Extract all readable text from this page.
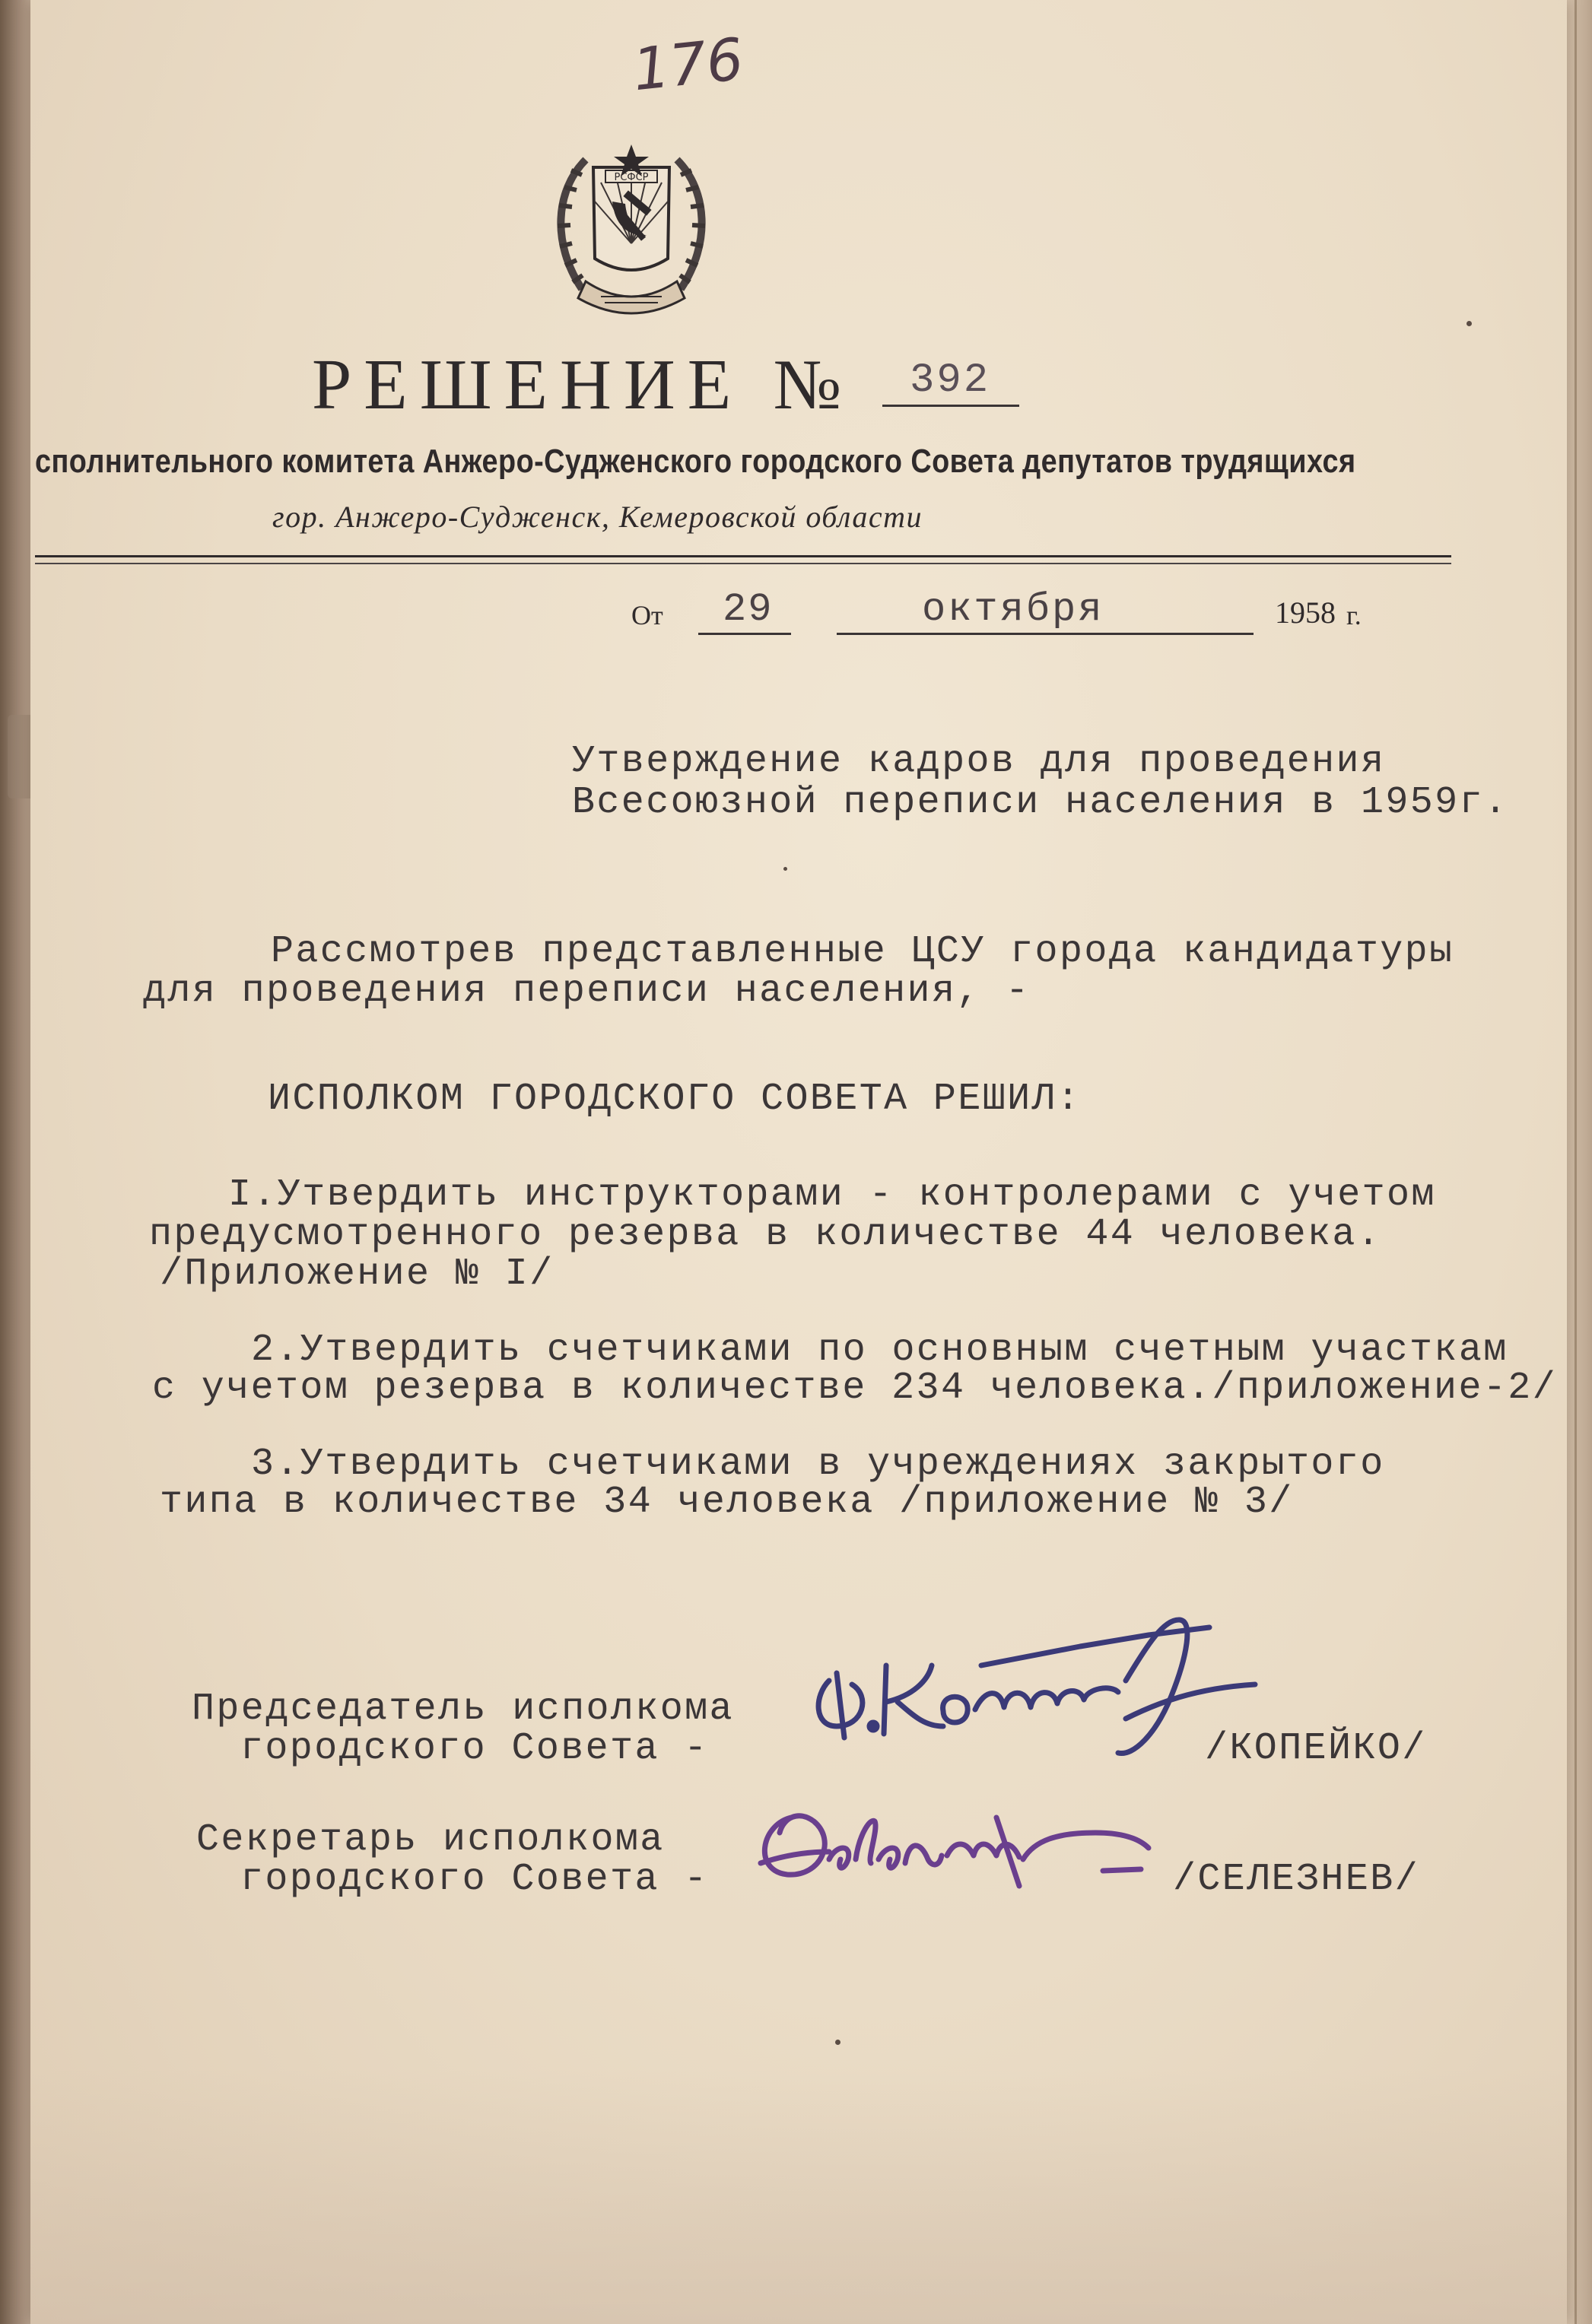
176
РСФСР
РЕШЕНИЕ № 392
сполнительного комитета Анжеро-Судженского городского Совета депутатов трудящихся
гор. Анжеро-Судженск, Кемеровской области
От 29	октября	1958 г.
Утверждение кадров для проведения
Всесоюзной переписи населения в 1959г.
Рассмотрев представленные ЦСУ города кандидатуры
для проведения переписи населения, -
ИСПОЛКОМ ГОРОДСКОГО СОВЕТА РЕШИЛ:
I.Утвердить инструкторами - контролерами с учетом
предусмотренного резерва в количестве 44 человека.
/Приложение № I/
2.Утвердить счетчиками по основным счетным участкам
с учетом резерва в количестве 234 человека./приложение-2/
3.Утвердить счетчиками в учреждениях закрытого
типа в количестве 34 человека /приложение № 3/
Председатель исполкома
городского Совета -	/КОПЕЙКО/
Секретарь исполкома
городского Совета -	/СЕЛЕЗНЕВ/
